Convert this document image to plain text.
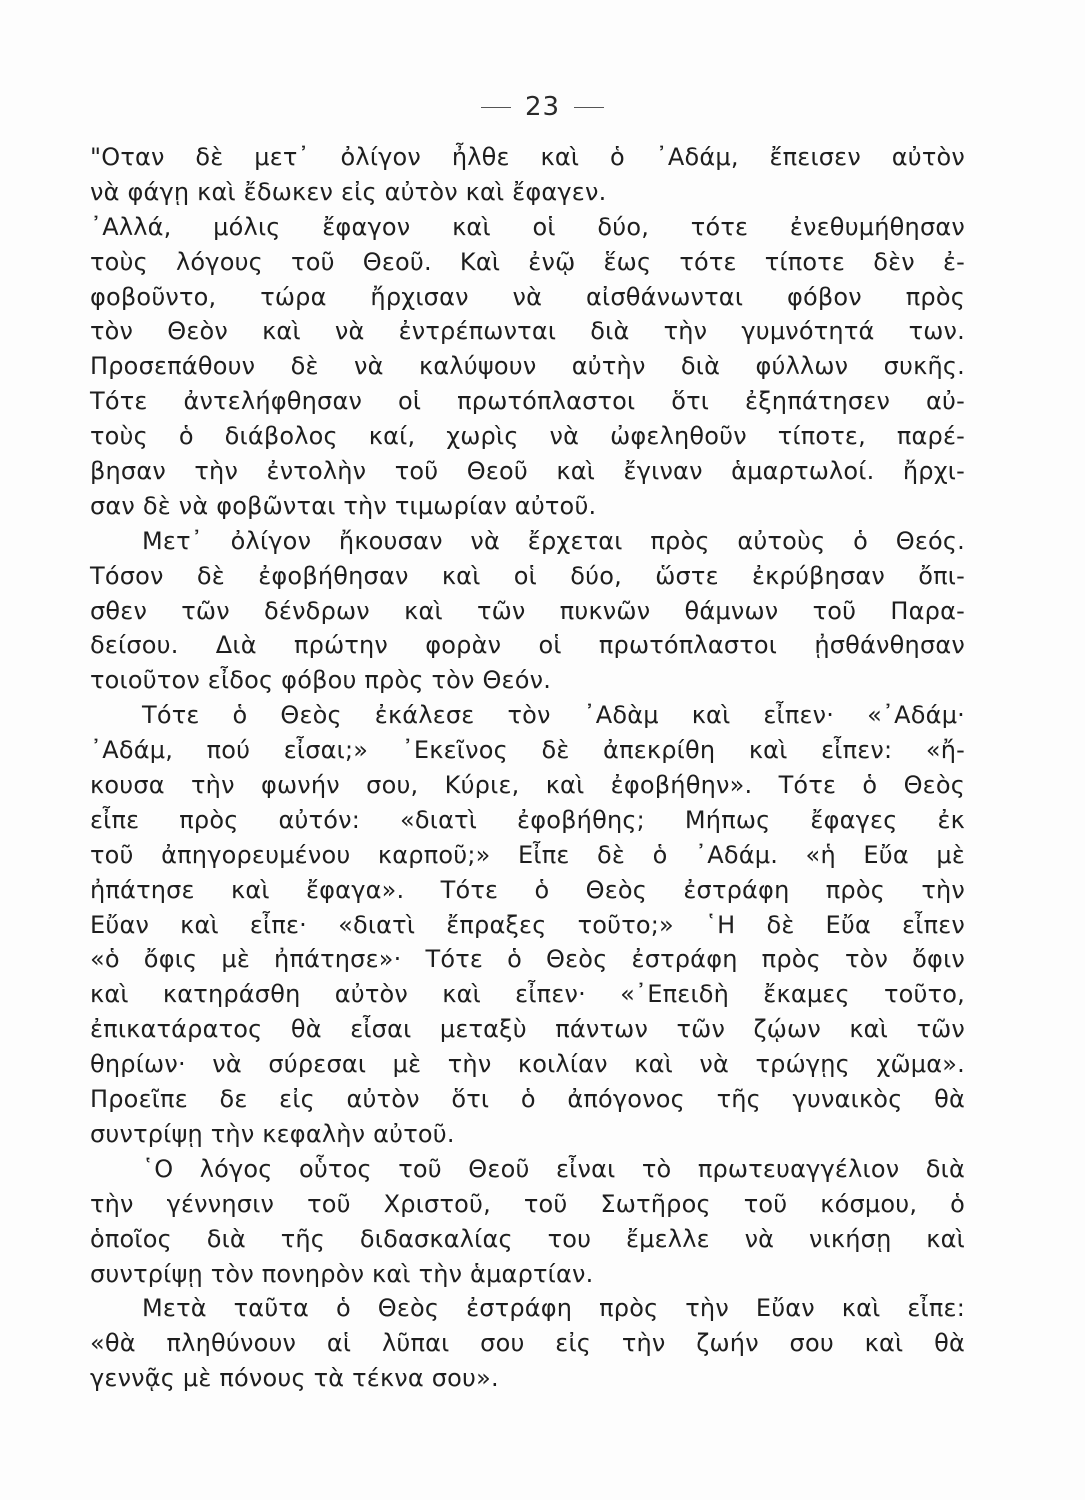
23
"Οταν δὲ μετ᾽ ὀλίγον ἦλθε καὶ ὁ ᾽Αδάμ, ἔπεισεν αὐτὸν
νὰ φάγῃ καὶ ἔδωκεν εἰς αὐτὸν καὶ ἔφαγεν.
᾽Αλλά, μόλις ἔφαγον καὶ οἱ δύο, τότε ἐνεθυμήθησαν
τοὺς λόγους τοῦ Θεοῦ. Καὶ ἐνῷ ἕως τότε τίποτε δὲν ἐ-
φοβοῦντο, τώρα ἤρχισαν νὰ αἰσθάνωνται φόβον πρὸς
τὸν Θεὸν καὶ νὰ ἐντρέπωνται διὰ τὴν γυμνότητά των.
Προσεπάθουν δὲ νὰ καλύψουν αὐτὴν διὰ φύλλων συκῆς.
Τότε ἀντελήφθησαν οἱ πρωτόπλαστοι ὅτι ἐξηπάτησεν αὐ-
τοὺς ὁ διάβολος καί, χωρὶς νὰ ὠφεληθοῦν τίποτε, παρέ-
βησαν τὴν ἐντολὴν τοῦ Θεοῦ καὶ ἔγιναν ἁμαρτωλοί. ἤρχι-
σαν δὲ νὰ φοβῶνται τὴν τιμωρίαν αὐτοῦ.
Μετ᾽ ὀλίγον ἤκουσαν νὰ ἔρχεται πρὸς αὐτοὺς ὁ Θεός.
Τόσον δὲ ἐφοβήθησαν καὶ οἱ δύο, ὥστε ἐκρύβησαν ὄπι-
σθεν τῶν δένδρων καὶ τῶν πυκνῶν θάμνων τοῦ Παρα-
δείσου. Διὰ πρώτην φορὰν οἱ πρωτόπλαστοι ᾐσθάνθησαν
τοιοῦτον εἶδος φόβου πρὸς τὸν Θεόν.
Τότε ὁ Θεὸς ἐκάλεσε τὸν ᾽Αδὰμ καὶ εἶπεν· «᾽Αδάμ·
᾽Αδάμ, πού εἶσαι;» ᾽Εκεῖνος δὲ ἀπεκρίθη καὶ εἶπεν: «ἤ-
κουσα τὴν φωνήν σου, Κύριε, καὶ ἐφοβήθην». Τότε ὁ Θεὸς
εἶπε πρὸς αὐτόν: «διατὶ ἐφοβήθης; Μήπως ἔφαγες ἐκ
τοῦ ἀπηγορευμένου καρποῦ;» Εἶπε δὲ ὁ ᾽Αδάμ. «ἡ Εὔα μὲ
ἠπάτησε καὶ ἔφαγα». Τότε ὁ Θεὸς ἐστράφη πρὸς τὴν
Εὔαν καὶ εἶπε· «διατὶ ἔπραξες τοῦτο;» ῾Η δὲ Εὔα εἶπεν
«ὁ ὄφις μὲ ἠπάτησε»· Τότε ὁ Θεὸς ἐστράφη πρὸς τὸν ὄφιν
καὶ κατηράσθη αὐτὸν καὶ εἶπεν· «᾽Επειδὴ ἔκαμες τοῦτο,
ἐπικατάρατος θὰ εἶσαι μεταξὺ πάντων τῶν ζῴων καὶ τῶν
θηρίων· νὰ σύρεσαι μὲ τὴν κοιλίαν καὶ νὰ τρώγῃς χῶμα».
Προεῖπε δε εἰς αὐτὸν ὅτι ὁ ἀπόγονος τῆς γυναικὸς θὰ
συντρίψῃ τὴν κεφαλὴν αὐτοῦ.
῾Ο λόγος οὗτος τοῦ Θεοῦ εἶναι τὸ πρωτευαγγέλιον διὰ
τὴν γέννησιν τοῦ Χριστοῦ, τοῦ Σωτῆρος τοῦ κόσμου, ὁ
ὁποῖος διὰ τῆς διδασκαλίας του ἔμελλε νὰ νικήσῃ καὶ
συντρίψῃ τὸν πονηρὸν καὶ τὴν ἁμαρτίαν.
Μετὰ ταῦτα ὁ Θεὸς ἐστράφη πρὸς τὴν Εὔαν καὶ εἶπε:
«θὰ πληθύνουν αἱ λῦπαι σου εἰς τὴν ζωήν σου καὶ θὰ
γεννᾷς μὲ πόνους τὰ τέκνα σου».
